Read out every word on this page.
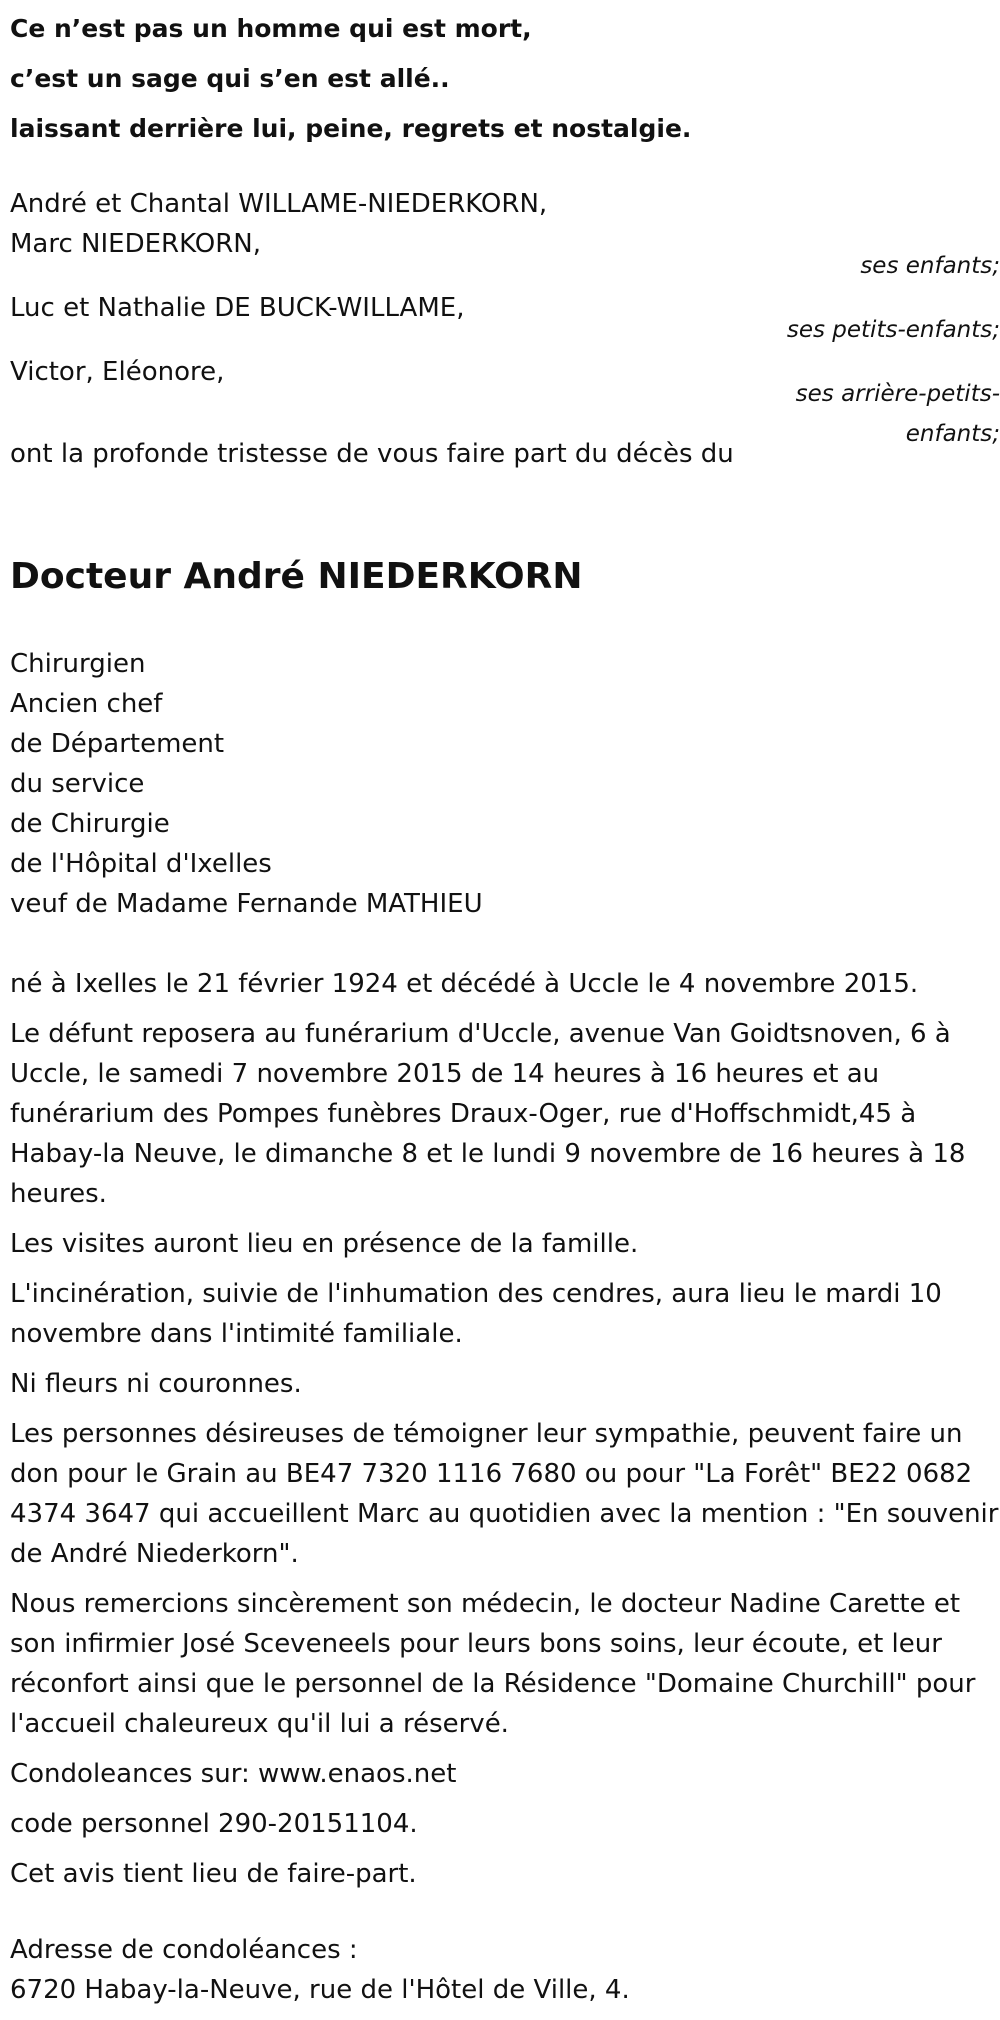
Ce n’est pas un homme qui est mort,
c’est un sage qui s’en est allé..
laissant derrière lui, peine, regrets et nostalgie.
André et Chantal WILLAME-NIEDERKORN,
Marc NIEDERKORN,
Luc et Nathalie DE BUCK-WILLAME,
Victor, Eléonore,
ses enfants;
ses petits-enfants;
ses arrière-petits-
enfants;
ont la profonde tristesse de vous faire part du décès du
Docteur André NIEDERKORN
Chirurgien
Ancien chef
de Département
du service
de Chirurgie
de l'Hôpital d'Ixelles
veuf de Madame Fernande MATHIEU

né à Ixelles le 21 février 1924 et décédé à Uccle le 4 novembre 2015.

Le défunt reposera au funérarium d'Uccle, avenue Van Goidtsnoven, 6 à Uccle, le samedi 7 novembre 2015 de 14 heures à 16 heures et au funérarium des Pompes funèbres Draux-Oger, rue d'Hoffschmidt,45 à Habay-la Neuve, le dimanche 8 et le lundi 9 novembre de 16 heures à 18 heures.

Les visites auront lieu en présence de la famille.

L'incinération, suivie de l'inhumation des cendres, aura lieu le mardi 10 novembre dans l'intimité familiale.

Ni fleurs ni couronnes.

Les personnes désireuses de témoigner leur sympathie, peuvent faire un don pour le Grain au BE47 7320 1116 7680 ou pour "La Forêt" BE22 0682 4374 3647 qui accueillent Marc au quotidien avec la mention : "En souvenir de André Niederkorn".

Nous remercions sincèrement son médecin, le docteur Nadine Carette et son infirmier José Sceveneels pour leurs bons soins, leur écoute, et leur réconfort ainsi que le personnel de la Résidence "Domaine Churchill" pour l'accueil chaleureux qu'il lui a réservé.

Condoleances sur: www.enaos.net

code personnel 290-20151104.

Cet avis tient lieu de faire-part.

Adresse de condoléances :
6720 Habay-la-Neuve, rue de l'Hôtel de Ville, 4.
